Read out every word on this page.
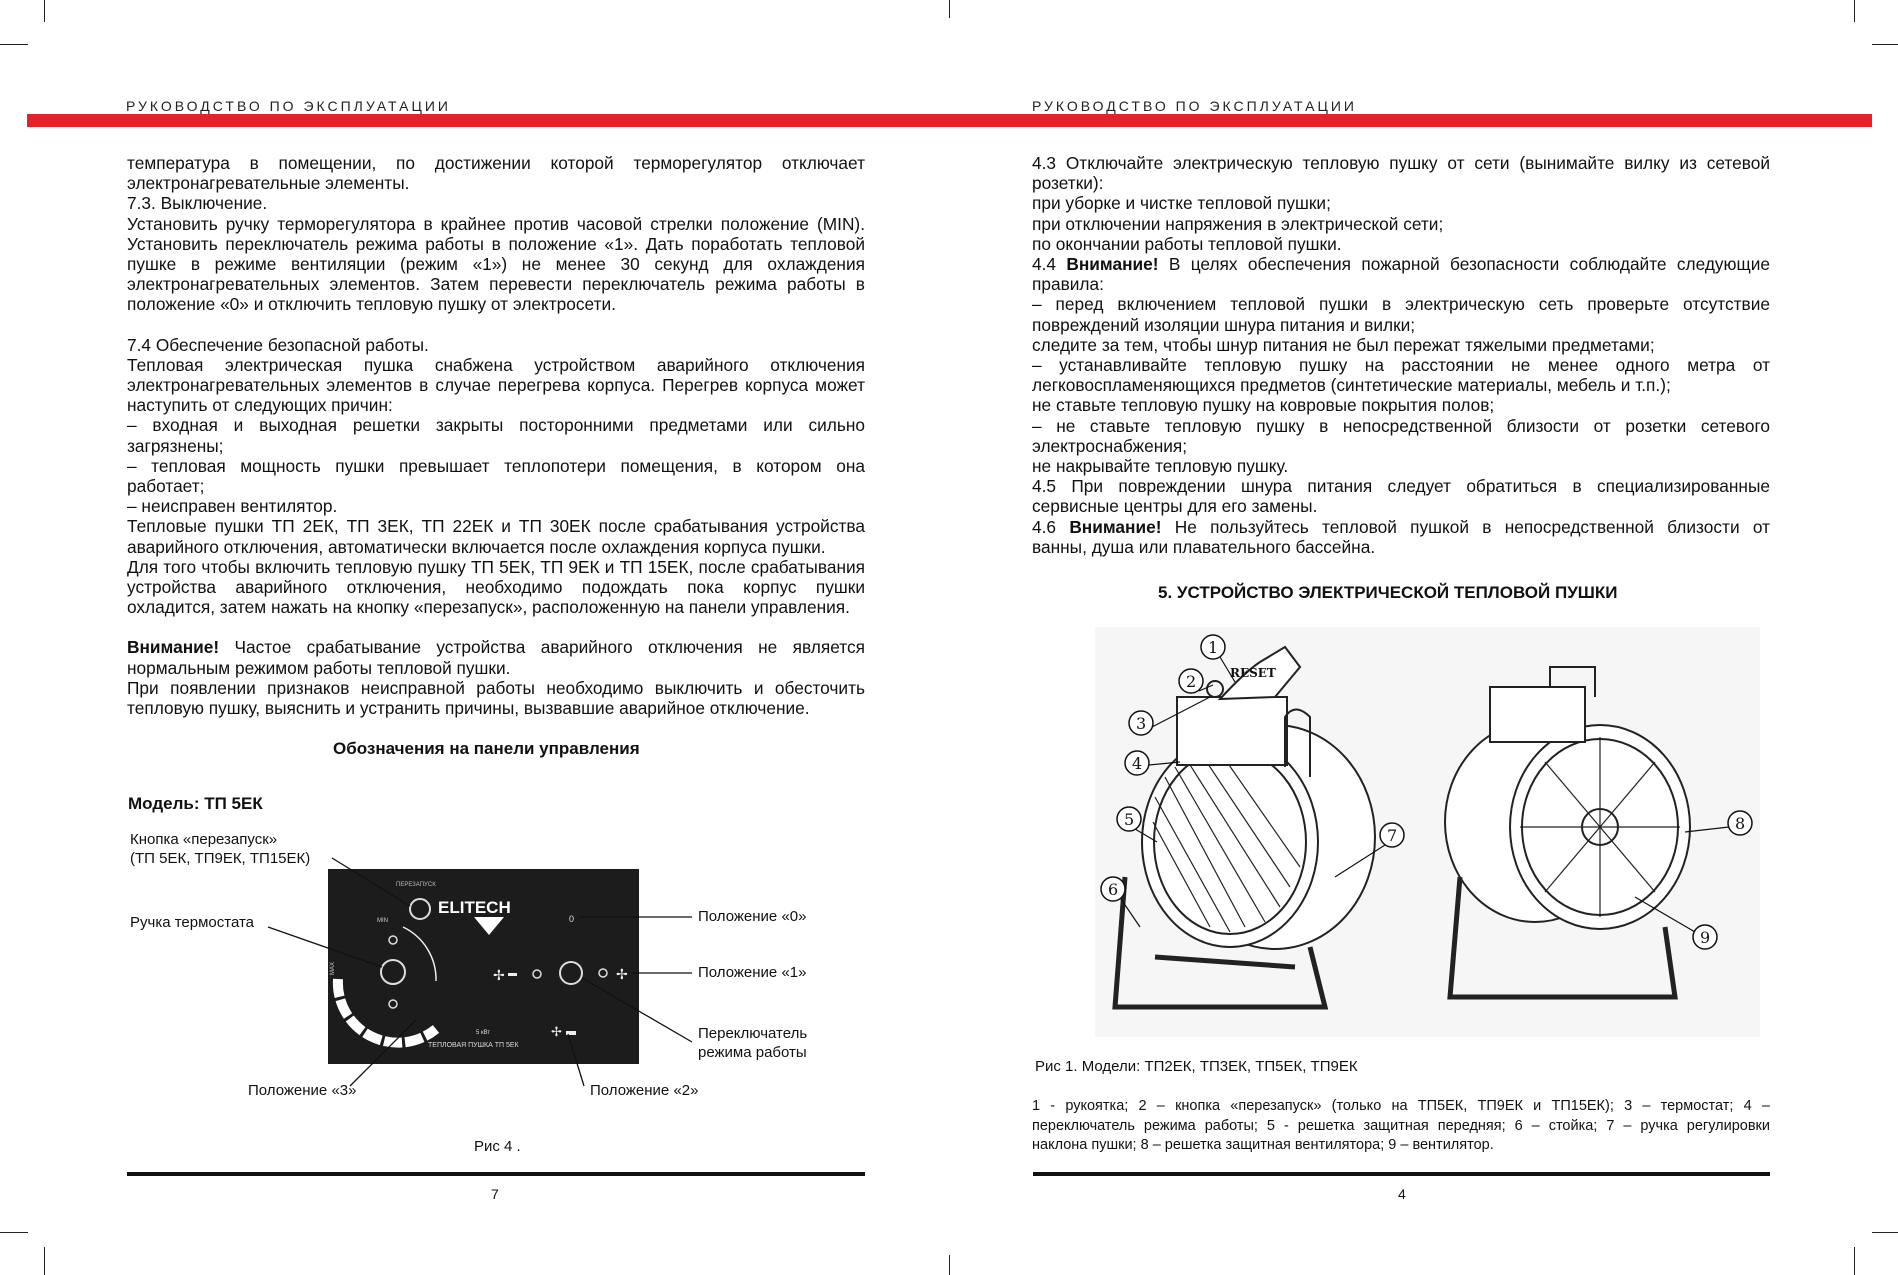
РУКОВОДСТВО ПО ЭКСПЛУАТАЦИИ	РУКОВОДСТВО ПО ЭКСПЛУАТАЦИИ

температура в помещении, по достижении которой терморегулятор отключает

электронагревательные элементы.

7.3. Выключение.

Установить ручку терморегулятора в крайнее против часовой стрелки положение (MIN).

Установить переключатель режима работы в положение «1». Дать поработать тепловой

пушке в режиме вентиляции (режим «1») не менее 30 секунд для охлаждения

электронагревательных элементов. Затем перевести переключатель режима работы в

положение «0» и отключить тепловую пушку от электросети.

7.4 Обеспечение безопасной работы.

Тепловая электрическая пушка снабжена устройством аварийного отключения

электронагревательных элементов в случае перегрева корпуса. Перегрев корпуса может

наступить от следующих причин:

– входная и выходная решетки закрыты посторонними предметами или сильно

загрязнены;

– тепловая мощность пушки превышает теплопотери помещения, в котором она

работает;

– неисправен вентилятор.

Тепловые пушки ТП 2ЕК, ТП 3ЕК, ТП 22ЕК и ТП 30ЕК после срабатывания устройства

аварийного отключения, автоматически включается после охлаждения корпуса пушки.

Для того чтобы включить тепловую пушку ТП 5ЕК, ТП 9ЕК и ТП 15ЕК, после срабатывания

устройства аварийного отключения, необходимо подождать пока корпус пушки

охладится, затем нажать на кнопку «перезапуск», расположенную на панели управления.

Внимание! Частое срабатывание устройства аварийного отключения не является

нормальным режимом работы тепловой пушки.

При появлении признаков неисправной работы необходимо выключить и обесточить

тепловую пушку, выяснить и устранить причины, вызвавшие аварийное отключение.

Обозначения на панели управления
Модель: ТП 5ЕК
Кнопка «перезапуск»
(ТП 5ЕК, ТП9ЕК, ТП15ЕК)
Ручка термостата	Положение «0»
Положение «1»
Переключатель
режима работы
Положение «3»	Положение «2»
ПЕРЕЗАПУСК
ELITECH
MIN
MAX
0
✢	✢
✢
5 кВт
ТЕПЛОВАЯ ПУШКА ТП 5ЕК
Рис 4 .
7

4.3 Отключайте электрическую тепловую пушку от сети (вынимайте вилку из сетевой

розетки):

при уборке и чистке тепловой пушки;

при отключении напряжения в электрической сети;

по окончании работы тепловой пушки.

4.4 Внимание! В целях обеспечения пожарной безопасности соблюдайте следующие

правила:

– перед включением тепловой пушки в электрическую сеть проверьте отсутствие

повреждений изоляции шнура питания и вилки;

следите за тем, чтобы шнур питания не был пережат тяжелыми предметами;

– устанавливайте тепловую пушку на расстоянии не менее одного метра от

легковоспламеняющихся предметов (синтетические материалы, мебель и т.п.);

не ставьте тепловую пушку на ковровые покрытия полов;

– не ставьте тепловую пушку в непосредственной близости от розетки сетевого

электроснабжения;

не накрывайте тепловую пушку.

4.5 При повреждении шнура питания следует обратиться в специализированные

сервисные центры для его замены.

4.6 Внимание! Не пользуйтесь тепловой пушкой в непосредственной близости от

ванны, душа или плавательного бассейна.

5. УСТРОЙСТВО ЭЛЕКТРИЧЕСКОЙ ТЕПЛОВОЙ ПУШКИ
1
2
3
4
5
6
7
8
9
RESET
Рис 1. Модели: ТП2ЕК, ТП3ЕК, ТП5ЕК, ТП9ЕК

1 - рукоятка; 2 – кнопка «перезапуск» (только на ТП5ЕК, ТП9ЕК и ТП15ЕК); 3 – термостат; 4 –

переключатель режима работы; 5 - решетка защитная передняя; 6 – стойка; 7 – ручка регулировки

наклона пушки; 8 – решетка защитная вентилятора; 9 – вентилятор.

4
